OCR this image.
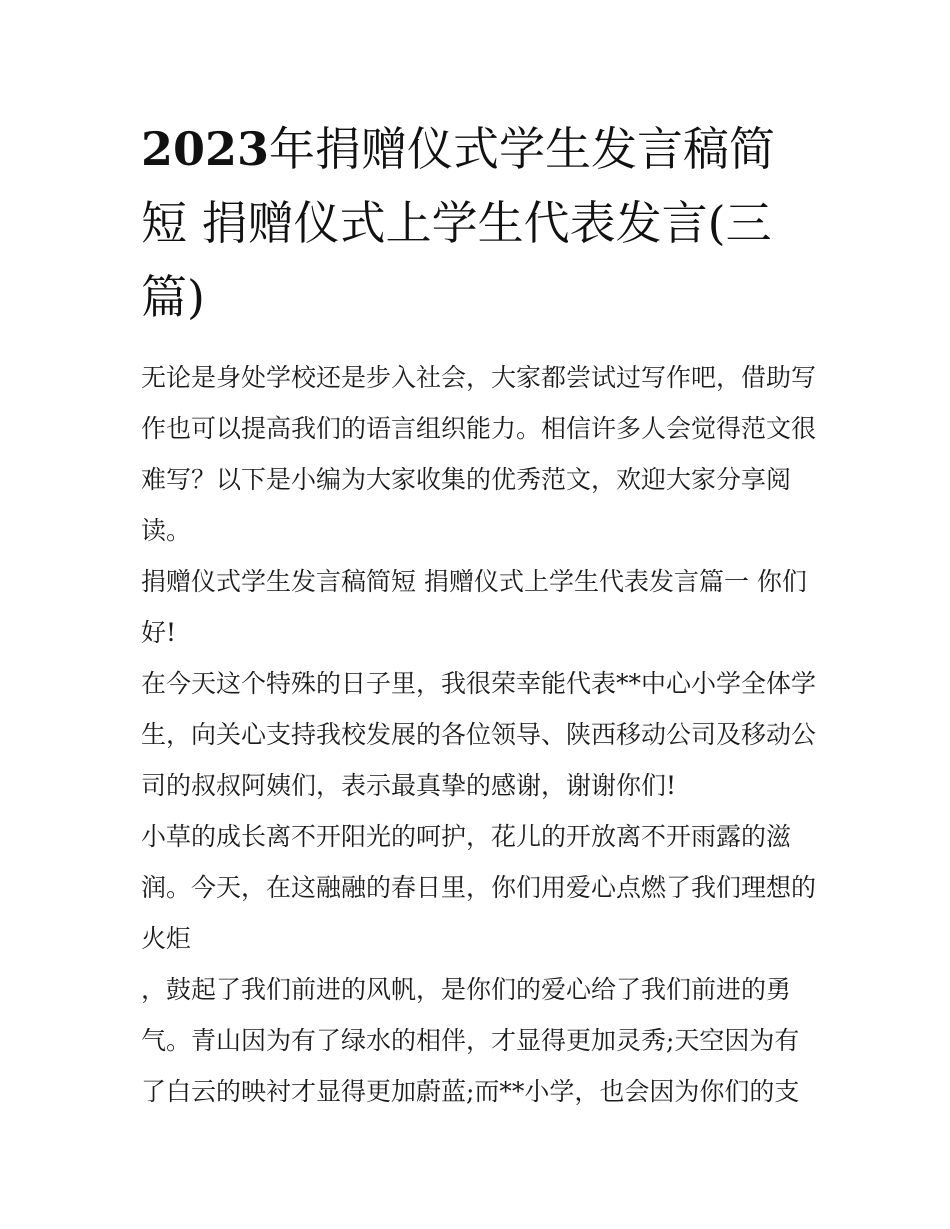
2023年捐赠仪式学生发言稿简短 捐赠仪式上学生代表发言(三篇)

无论是身处学校还是步入社会，大家都尝试过写作吧，借助写作也可以提高我们的语言组织能力。相信许多人会觉得范文很难写？以下是小编为大家收集的优秀范文，欢迎大家分享阅读。

捐赠仪式学生发言稿简短 捐赠仪式上学生代表发言篇一 你们好!

在今天这个特殊的日子里，我很荣幸能代表**中心小学全体学生，向关心支持我校发展的各位领导、陕西移动公司及移动公司的叔叔阿姨们，表示最真挚的感谢，谢谢你们!

小草的成长离不开阳光的呵护，花儿的开放离不开雨露的滋润。今天，在这融融的春日里，你们用爱心点燃了我们理想的火炬

，鼓起了我们前进的风帆，是你们的爱心给了我们前进的勇气。青山因为有了绿水的相伴，才显得更加灵秀;天空因为有了白云的映衬才显得更加蔚蓝;而**小学，也会因为你们的支
